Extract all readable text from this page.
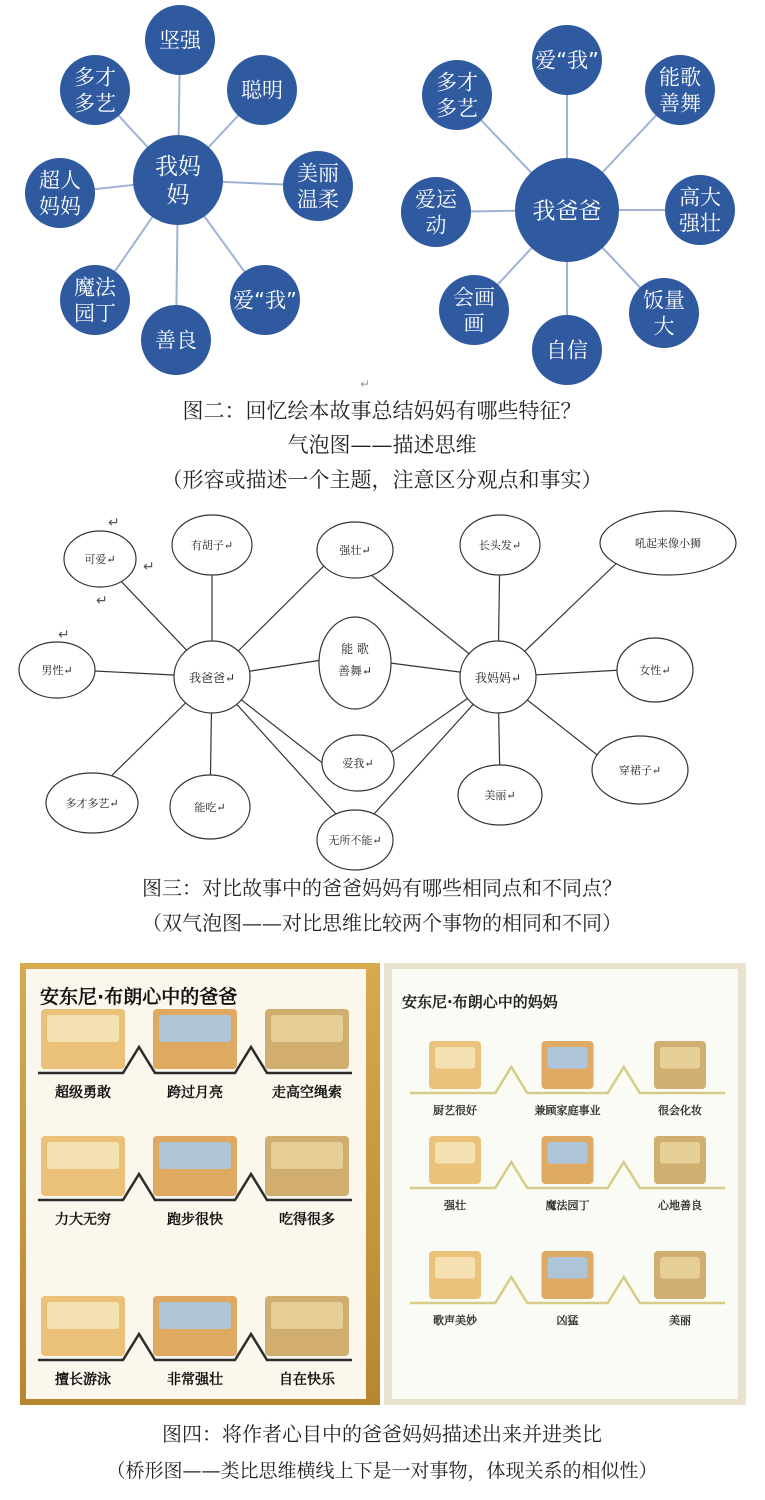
我妈
妈
坚强
聪明
美丽
温柔
爱“我”
善良
魔法
园丁
超人
妈妈
多才
多艺
我爸爸
爱“我”
能歌
善舞
高大
强壮
饭量
大
自信
会画
画
爱运
动
多才
多艺
↵
图二：回忆绘本故事总结妈妈有哪些特征？
气泡图——描述思维
（形容或描述一个主题，注意区分观点和事实）
我爸爸↵	我妈妈↵
可爱↵
有胡子↵
男性↵
多才多艺↵	能吃↵
强壮↵
能 歌
善舞↵
爱我↵
无所不能↵
长头发↵	吼起来像小狮
女性↵
穿裙子↵
美丽↵
↵
↵
↵
↵
图三：对比故事中的爸爸妈妈有哪些相同点和不同点？
（双气泡图——对比思维比较两个事物的相同和不同）
安东尼·布朗心中的爸爸
超级勇敢	跨过月亮	走高空绳索
力大无穷	跑步很快	吃得很多
擅长游泳	非常强壮	自在快乐
安东尼·布朗心中的妈妈
厨艺很好	兼顾家庭事业	很会化妆
强壮	魔法园丁	心地善良
歌声美妙	凶猛	美丽
图四：将作者心目中的爸爸妈妈描述出来并进类比
（桥形图——类比思维横线上下是一对事物，体现关系的相似性）
